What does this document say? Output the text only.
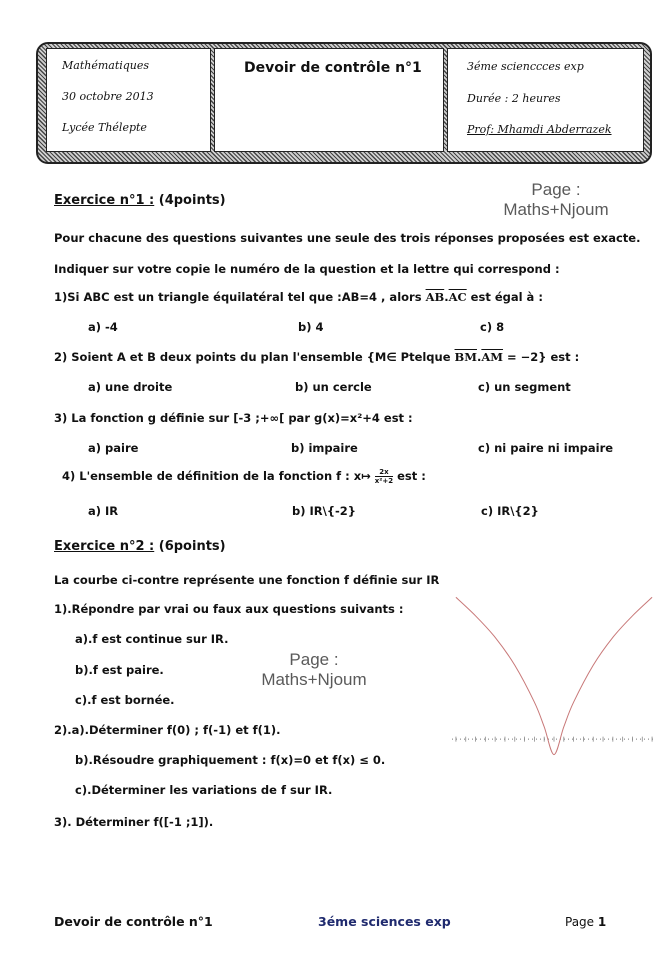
Mathématiques
30 octobre 2013
Lycée Thélepte
Devoir de contrôle n°1	3éme scienccces exp
Durée : 2 heures
Prof: Mhamdi Abderrazek
Exercice n°1 : (4points)
Page :
Maths+Njoum
Pour chacune des questions suivantes une seule des trois réponses proposées est exacte.
Indiquer sur votre copie le numéro de la question et la lettre qui correspond :
1)Si ABC est un triangle équilatéral tel que :AB=4 , alors $\overline{AB}.\overline{AC}$ est égal à :
a) -4	b) 4	c) 8
2) Soient A et B deux points du plan l'ensemble {M∈ Ptelque $\overline{BM}.\overline{AM} = -2$} est :
a) une droite	b) un cercle	c) un segment
3) La fonction g définie sur [-3 ;+∞[ par g(x)=x²+4 est :
a) paire	b) impaire	c) ni paire ni impaire
4) L'ensemble de définition de la fonction f : x↦ $\frac{2x}{\text{x²+2}}$ est :
a) IR	b) IR\{-2}	c) IR\{2}
Exercice n°2 : (6points)
La courbe ci-contre représente une fonction f définie sur IR
1).Répondre par vrai ou faux aux questions suivants :
a).f est continue sur IR.
b).f est paire.
c).f est bornée.
2).a).Déterminer f(0) ; f(-1) et f(1).
b).Résoudre graphiquement : f(x)=0 et f(x) ≤ 0.
c).Déterminer les variations de f sur IR.
3). Déterminer f([-1 ;1]).
Page :
Maths+Njoum
Devoir de contrôle n°1	3éme sciences exp	Page 1
